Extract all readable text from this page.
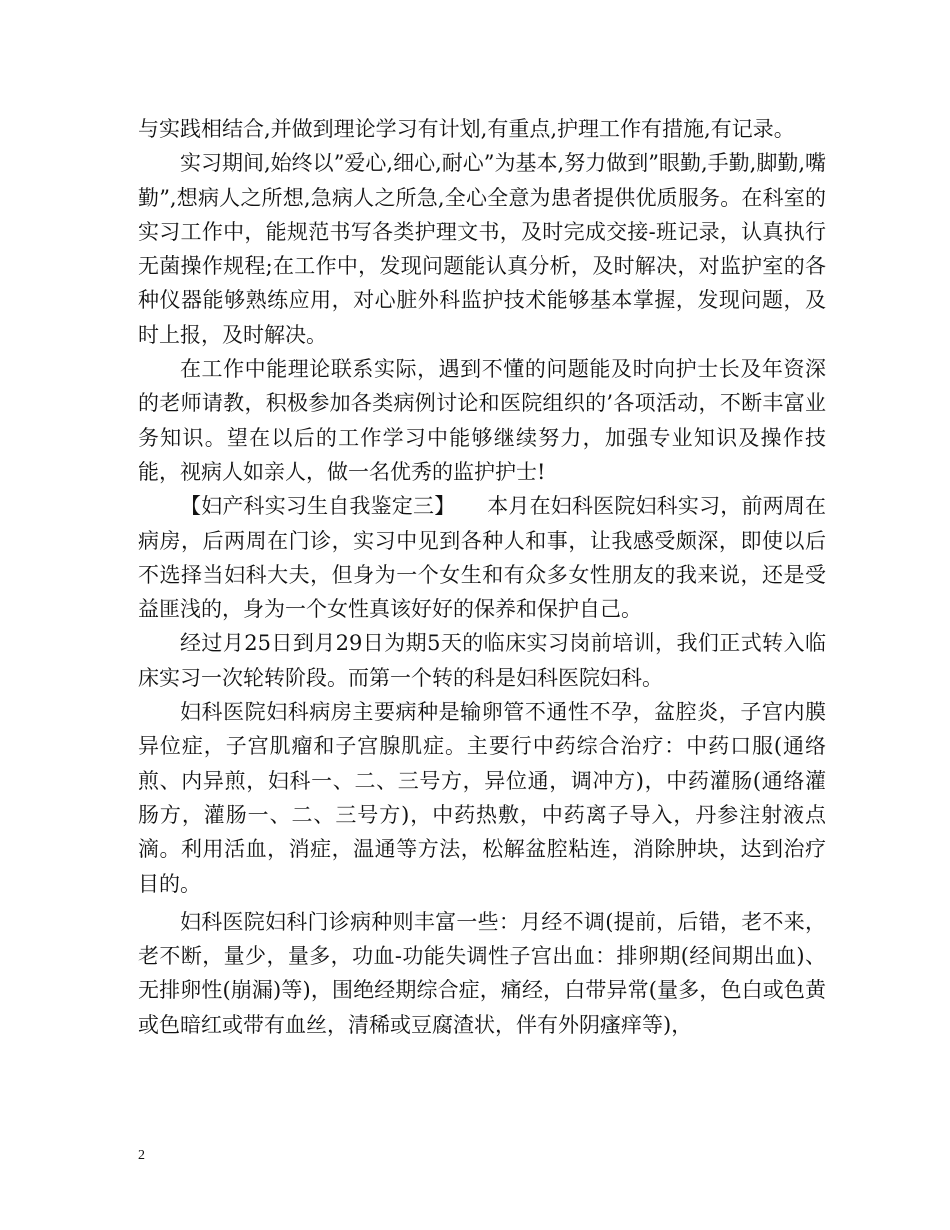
与实践相结合,并做到理论学习有计划,有重点,护理工作有措施,有记录。

实习期间,始终以”爱心,细心,耐心”为基本,努力做到”眼勤,手勤,脚勤,嘴勤”,想病人之所想,急病人之所急,全心全意为患者提供优质服务。在科室的实习工作中，能规范书写各类护理文书，及时完成交接-班记录，认真执行无菌操作规程;在工作中，发现问题能认真分析，及时解决，对监护室的各种仪器能够熟练应用，对心脏外科监护技术能够基本掌握，发现问题，及时上报，及时解决。

在工作中能理论联系实际，遇到不懂的问题能及时向护士长及年资深的老师请教，积极参加各类病例讨论和医院组织的’各项活动，不断丰富业务知识。望在以后的工作学习中能够继续努力，加强专业知识及操作技能，视病人如亲人，做一名优秀的监护护士!

【妇产科实习生自我鉴定三】　　本月在妇科医院妇科实习，前两周在病房，后两周在门诊，实习中见到各种人和事，让我感受颇深，即使以后不选择当妇科大夫，但身为一个女生和有众多女性朋友的我来说，还是受益匪浅的，身为一个女性真该好好的保养和保护自己。

经过月25日到月29日为期5天的临床实习岗前培训，我们正式转入临床实习一次轮转阶段。而第一个转的科是妇科医院妇科。

妇科医院妇科病房主要病种是输卵管不通性不孕，盆腔炎，子宫内膜异位症，子宫肌瘤和子宫腺肌症。主要行中药综合治疗：中药口服(通络煎、内异煎，妇科一、二、三号方，异位通，调冲方)，中药灌肠(通络灌肠方，灌肠一、二、三号方)，中药热敷，中药离子导入，丹参注射液点滴。利用活血，消症，温通等方法，松解盆腔粘连，消除肿块，达到治疗目的。

妇科医院妇科门诊病种则丰富一些：月经不调(提前，后错，老不来，老不断，量少，量多，功血-功能失调性子宫出血：排卵期(经间期出血)、无排卵性(崩漏)等)，围绝经期综合症，痛经，白带异常(量多，色白或色黄或色暗红或带有血丝，清稀或豆腐渣状，伴有外阴瘙痒等)，

2
